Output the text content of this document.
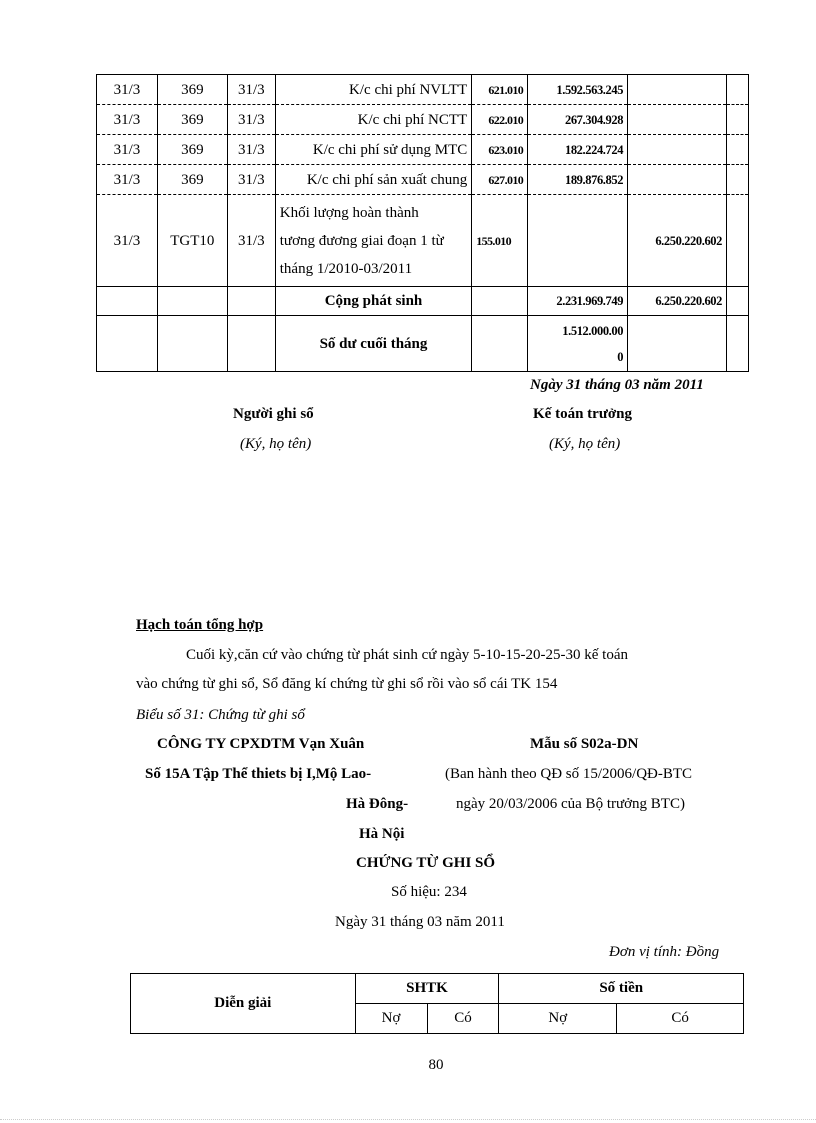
31/3	369	31/3	K/c chi phí NVLTT	621.010	1.592.563.245		
31/3	369	31/3	K/c chi phí NCTT	622.010	267.304.928		
31/3	369	31/3	K/c chi phí sử dụng MTC	623.010	182.224.724		
31/3	369	31/3	K/c chi phí sản xuất chung	627.010	189.876.852		
31/3	TGT10	31/3	Khối lượng hoàn thành
tương đương giai đoạn 1 từ
tháng 1/2010-03/2011	155.010		6.250.220.602	
			Cộng phát sinh		2.231.969.749	6.250.220.602	
			Số dư cuối tháng		1.512.000.00
0		

Ngày 31 tháng 03 năm 2011
Người ghi sổ
(Ký, họ tên)
Kế toán trưởng
(Ký, họ tên)
Hạch toán tổng hợp

Cuối kỳ,căn cứ vào chứng từ phát sinh cứ ngày 5-10-15-20-25-30 kế toán

vào chứng từ ghi sổ, Sổ đăng kí chứng từ ghi sổ rồi vào sổ cái TK 154

Biểu số 31: Chứng từ ghi sổ
CÔNG TY CPXDTM Vạn Xuân
Số 15A Tập Thể thiets bị I,Mộ Lao-
Hà Đông-
Hà Nội
Mẫu số S02a-DN
(Ban hành theo QĐ số 15/2006/QĐ-BTC
ngày 20/03/2006 của Bộ trưởng BTC)
CHỨNG TỪ GHI SỔ
Số hiệu: 234
Ngày 31 tháng 03 năm 2011
Đơn vị tính: Đồng
Diễn giải	SHTK		Số tiền	
	Nợ	Có	Nợ	Có
80
